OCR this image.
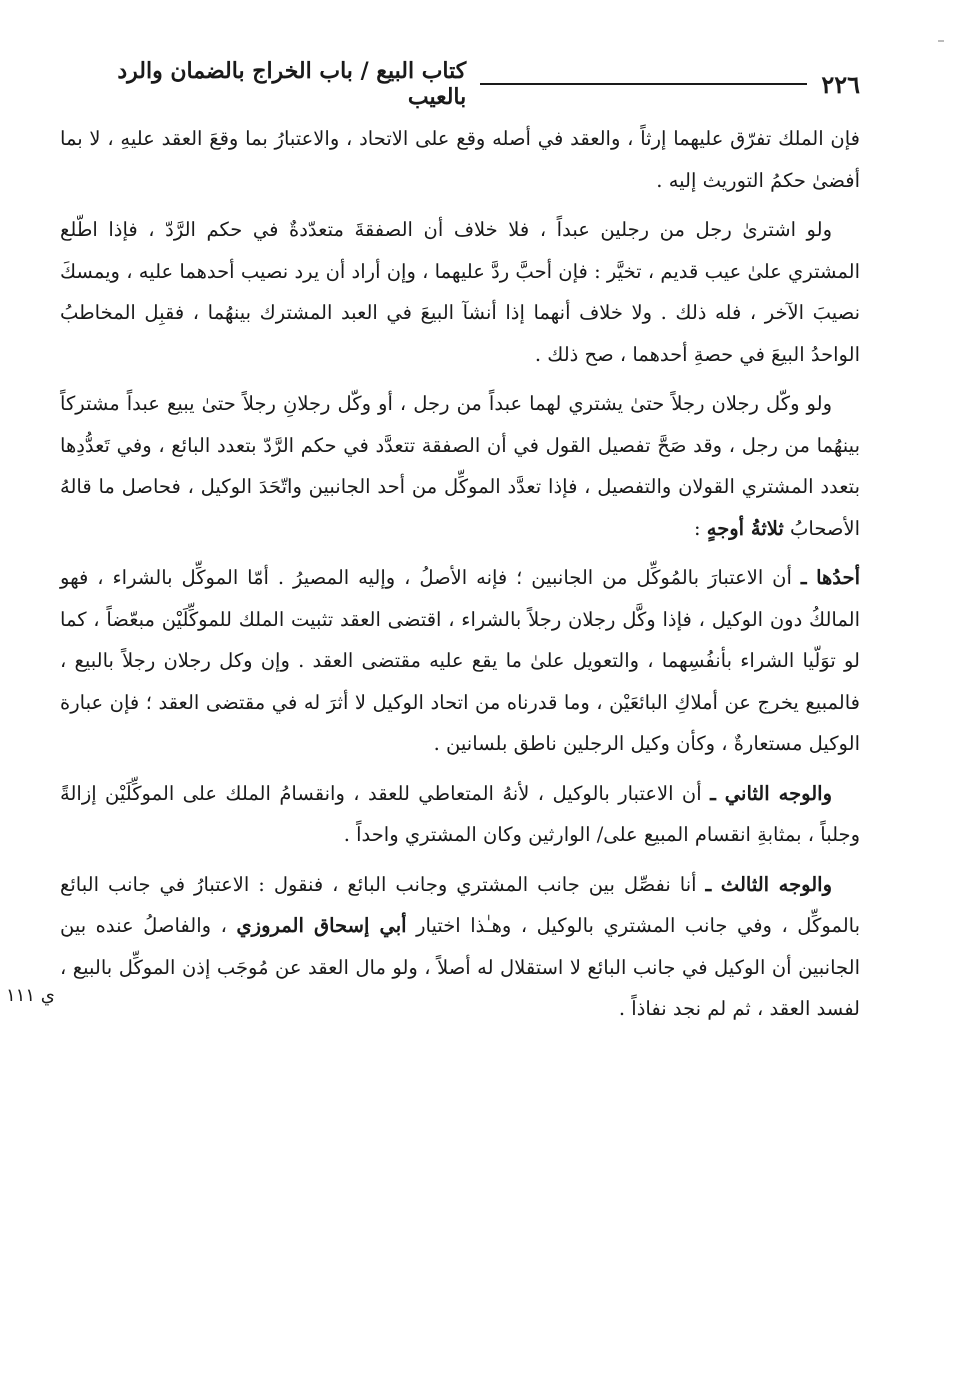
٢٢٦
كتاب البيع / باب الخراج بالضمان والرد بالعيب

فإن الملك تفرّق عليهما إرثاً ، والعقد في أصله وقع على الاتحاد ، والاعتبارُ بما وقعَ العقد عليهِ ، لا بما أفضىٰ حكمُ التوريث إليه .

ولو اشترىٰ رجل من رجلين عبداً ، فلا خلاف أن الصفقةَ متعدّدةٌ في حكم الرَّدّ ، فإذا اطّلع المشتري علىٰ عيب قديم ، تخيَّر : فإن أحبَّ ردَّ عليهما ، وإن أراد أن يرد نصيب أحدهما عليه ، ويمسكَ نصيبَ الآخر ، فله ذلك . ولا خلاف أنهما إذا أنشآ البيعَ في العبد المشترك بينهُما ، فقبِل المخاطبُ الواحدُ البيعَ في حصةِ أحدهما ، صح ذلك .

ولو وكّل رجلان رجلاً حتىٰ يشتري لهما عبداً من رجل ، أو وكّل رجلانِ رجلاً حتىٰ يبيع عبداً مشتركاً بينهُما من رجل ، وقد صَحَّ تفصيل القول في أن الصفقة تتعدَّد في حكم الرَّدّ بتعدد البائع ، وفي تَعدُّدِها بتعدد المشتري القولان والتفصيل ، فإذا تعدَّد الموكِّل من أحد الجانبين واتّحَدَ الوكيل ، فحاصل ما قالهُ الأصحابُ ثلاثةُ أوجهٍ :

أحدُها ـ أن الاعتبارَ بالمُوكِّل من الجانبين ؛ فإنه الأصلُ ، وإليه المصيرُ . أمّا الموكِّل بالشراء ، فهو المالكُ دون الوكيل ، فإذا وكَّل رجلان رجلاً بالشراء ، اقتضى العقد تثبيت الملك للموكِّلَيْن مبعّضاً ، كما لو توَلّيا الشراء بأنفُسِهما ، والتعويل علىٰ ما يقع عليه مقتضى العقد . وإن وكل رجلان رجلاً بالبيع ، فالمبيع يخرج عن أملاكِ البائعَيْن ، وما قدرناه من اتحاد الوكيل لا أثرَ له في مقتضى العقد ؛ فإن عبارة الوكيل مستعارةٌ ، وكأن وكيل الرجلين ناطق بلسانين .

والوجه الثاني ـ أن الاعتبار بالوكيل ، لأنهُ المتعاطي للعقد ، وانقسامُ الملك على الموكِّلَيْن إزالةً وجلباً ، بمثابةِ انقسام المبيع على/ الوارثين وكان المشتري واحداً .

والوجه الثالث ـ أنا نفصِّل بين جانب المشتري وجانب البائع ، فنقول : الاعتبارُ في جانب البائع بالموكِّل ، وفي جانب المشتري بالوكيل ، وهـٰذا اختيار أبي إسحاق المروزي ، والفاصلُ عنده بين الجانبين أن الوكيل في جانب البائع لا استقلال له أصلاً ، ولو مال العقد عن مُوجَب إذن الموكِّل بالبيع ، لفسد العقد ، ثم لم نجد نفاذاً .

ي ١١١
